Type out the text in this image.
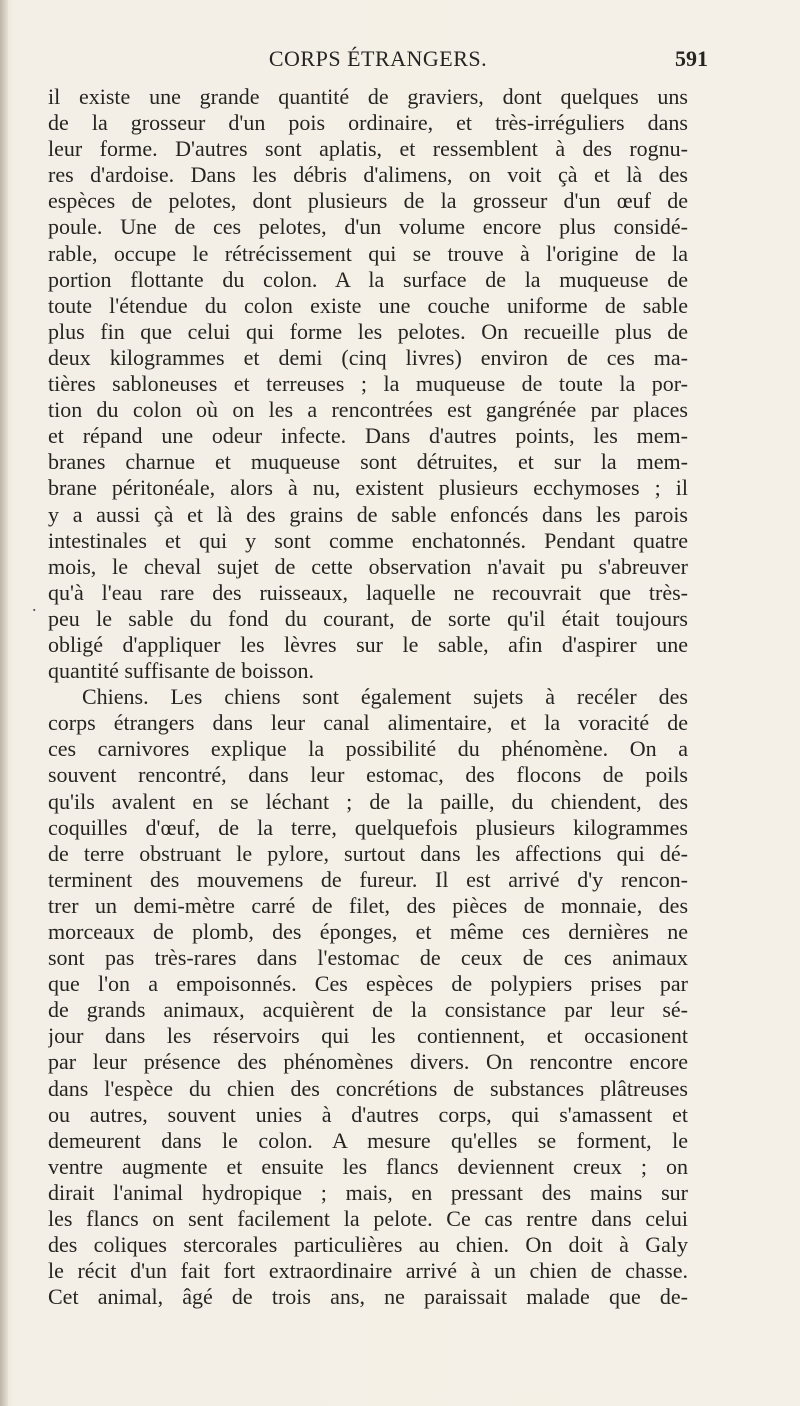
CORPS ÉTRANGERS.	591
.
il existe une grande quantité de graviers, dont quelques uns
de la grosseur d'un pois ordinaire, et très-irréguliers dans
leur forme. D'autres sont aplatis, et ressemblent à des rognu-
res d'ardoise. Dans les débris d'alimens, on voit çà et là des
espèces de pelotes, dont plusieurs de la grosseur d'un œuf de
poule. Une de ces pelotes, d'un volume encore plus considé-
rable, occupe le rétrécissement qui se trouve à l'origine de la
portion flottante du colon. A la surface de la muqueuse de
toute l'étendue du colon existe une couche uniforme de sable
plus fin que celui qui forme les pelotes. On recueille plus de
deux kilogrammes et demi (cinq livres) environ de ces ma-
tières sabloneuses et terreuses ; la muqueuse de toute la por-
tion du colon où on les a rencontrées est gangrénée par places
et répand une odeur infecte. Dans d'autres points, les mem-
branes charnue et muqueuse sont détruites, et sur la mem-
brane péritonéale, alors à nu, existent plusieurs ecchymoses ; il
y a aussi çà et là des grains de sable enfoncés dans les parois
intestinales et qui y sont comme enchatonnés. Pendant quatre
mois, le cheval sujet de cette observation n'avait pu s'abreuver
qu'à l'eau rare des ruisseaux, laquelle ne recouvrait que très-
peu le sable du fond du courant, de sorte qu'il était toujours
obligé d'appliquer les lèvres sur le sable, afin d'aspirer une
quantité suffisante de boisson.
Chiens. Les chiens sont également sujets à recéler des
corps étrangers dans leur canal alimentaire, et la voracité de
ces carnivores explique la possibilité du phénomène. On a
souvent rencontré, dans leur estomac, des flocons de poils
qu'ils avalent en se léchant ; de la paille, du chiendent, des
coquilles d'œuf, de la terre, quelquefois plusieurs kilogrammes
de terre obstruant le pylore, surtout dans les affections qui dé-
terminent des mouvemens de fureur. Il est arrivé d'y rencon-
trer un demi-mètre carré de filet, des pièces de monnaie, des
morceaux de plomb, des éponges, et même ces dernières ne
sont pas très-rares dans l'estomac de ceux de ces animaux
que l'on a empoisonnés. Ces espèces de polypiers prises par
de grands animaux, acquièrent de la consistance par leur sé-
jour dans les réservoirs qui les contiennent, et occasionent
par leur présence des phénomènes divers. On rencontre encore
dans l'espèce du chien des concrétions de substances plâtreuses
ou autres, souvent unies à d'autres corps, qui s'amassent et
demeurent dans le colon. A mesure qu'elles se forment, le
ventre augmente et ensuite les flancs deviennent creux ; on
dirait l'animal hydropique ; mais, en pressant des mains sur
les flancs on sent facilement la pelote. Ce cas rentre dans celui
des coliques stercorales particulières au chien. On doit à Galy
le récit d'un fait fort extraordinaire arrivé à un chien de chasse.
Cet animal, âgé de trois ans, ne paraissait malade que de-
